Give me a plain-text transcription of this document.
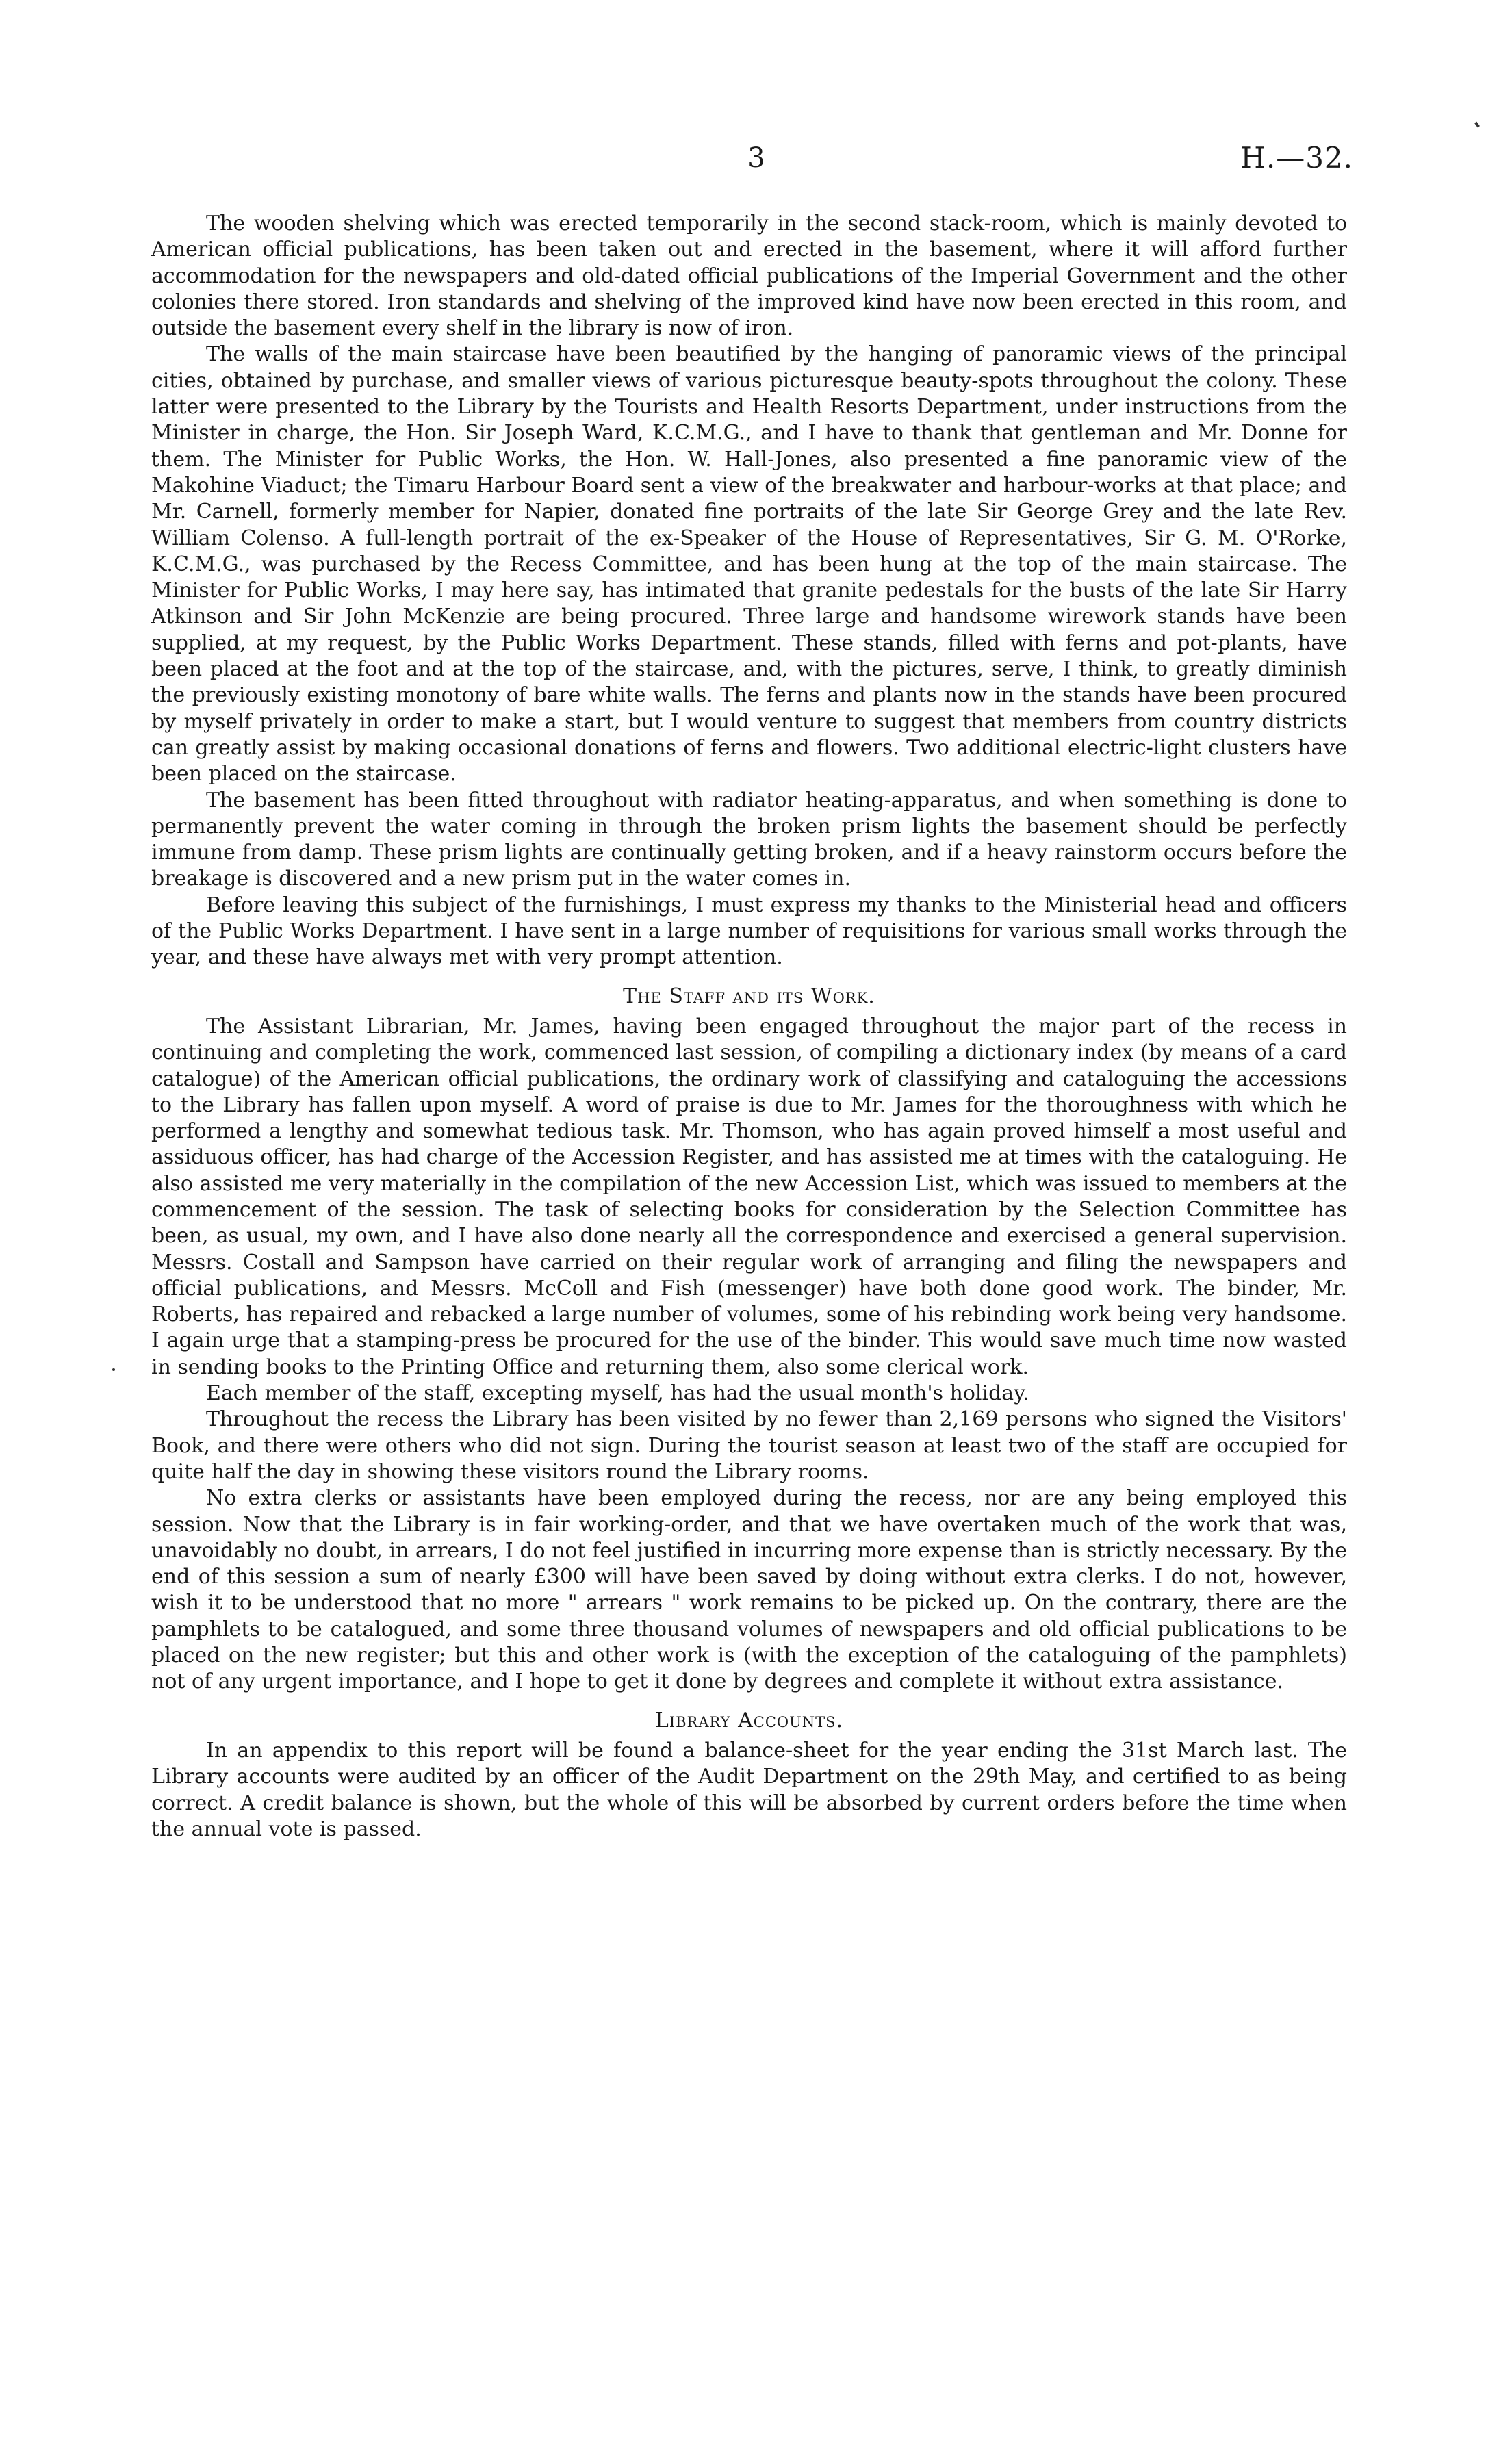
3	H.—32.

The wooden shelving which was erected temporarily in the second stack-room, which is mainly devoted to American official publications, has been taken out and erected in the basement, where it will afford further accommodation for the newspapers and old-dated official publications of the Imperial Government and the other colonies there stored. Iron standards and shelving of the improved kind have now been erected in this room, and outside the basement every shelf in the library is now of iron.

The walls of the main staircase have been beautified by the hanging of panoramic views of the principal cities, obtained by purchase, and smaller views of various picturesque beauty-spots throughout the colony. These latter were presented to the Library by the Tourists and Health Resorts Department, under instructions from the Minister in charge, the Hon. Sir Joseph Ward, K.C.M.G., and I have to thank that gentleman and Mr. Donne for them. The Minister for Public Works, the Hon. W. Hall-Jones, also presented a fine panoramic view of the Makohine Viaduct; the Timaru Harbour Board sent a view of the breakwater and harbour-works at that place; and Mr. Carnell, formerly member for Napier, donated fine portraits of the late Sir George Grey and the late Rev. William Colenso. A full-length portrait of the ex-Speaker of the House of Representatives, Sir G. M. O'Rorke, K.C.M.G., was purchased by the Recess Committee, and has been hung at the top of the main staircase. The Minister for Public Works, I may here say, has intimated that granite pedestals for the busts of the late Sir Harry Atkinson and Sir John McKenzie are being procured. Three large and handsome wirework stands have been supplied, at my request, by the Public Works Department. These stands, filled with ferns and pot-plants, have been placed at the foot and at the top of the staircase, and, with the pictures, serve, I think, to greatly diminish the previously existing monotony of bare white walls. The ferns and plants now in the stands have been procured by myself privately in order to make a start, but I would venture to suggest that members from country districts can greatly assist by making occasional donations of ferns and flowers. Two additional electric-light clusters have been placed on the staircase.

The basement has been fitted throughout with radiator heating-apparatus, and when something is done to permanently prevent the water coming in through the broken prism lights the basement should be perfectly immune from damp. These prism lights are continually getting broken, and if a heavy rainstorm occurs before the breakage is discovered and a new prism put in the water comes in.

Before leaving this subject of the furnishings, I must express my thanks to the Ministerial head and officers of the Public Works Department. I have sent in a large number of requisitions for various small works through the year, and these have always met with very prompt attention.

The Staff and its Work.

The Assistant Librarian, Mr. James, having been engaged throughout the major part of the recess in continuing and completing the work, commenced last session, of compiling a dictionary index (by means of a card catalogue) of the American official publications, the ordinary work of classifying and cataloguing the accessions to the Library has fallen upon myself. A word of praise is due to Mr. James for the thoroughness with which he performed a lengthy and somewhat tedious task. Mr. Thomson, who has again proved himself a most useful and assiduous officer, has had charge of the Accession Register, and has assisted me at times with the cataloguing. He also assisted me very materially in the compilation of the new Accession List, which was issued to members at the commencement of the session. The task of selecting books for consideration by the Selection Committee has been, as usual, my own, and I have also done nearly all the correspondence and exercised a general supervision. Messrs. Costall and Sampson have carried on their regular work of arranging and filing the newspapers and official publications, and Messrs. McColl and Fish (messenger) have both done good work. The binder, Mr. Roberts, has repaired and rebacked a large number of volumes, some of his rebinding work being very handsome. I again urge that a stamping-press be procured for the use of the binder. This would save much time now wasted in sending books to the Printing Office and returning them, also some clerical work.

Each member of the staff, excepting myself, has had the usual month's holiday.

Throughout the recess the Library has been visited by no fewer than 2,169 persons who signed the Visitors' Book, and there were others who did not sign. During the tourist season at least two of the staff are occupied for quite half the day in showing these visitors round the Library rooms.

No extra clerks or assistants have been employed during the recess, nor are any being employed this session. Now that the Library is in fair working-order, and that we have overtaken much of the work that was, unavoidably no doubt, in arrears, I do not feel justified in incurring more expense than is strictly necessary. By the end of this session a sum of nearly £300 will have been saved by doing without extra clerks. I do not, however, wish it to be understood that no more " arrears " work remains to be picked up. On the contrary, there are the pamphlets to be catalogued, and some three thousand volumes of newspapers and old official publications to be placed on the new register; but this and other work is (with the exception of the cataloguing of the pamphlets) not of any urgent importance, and I hope to get it done by degrees and complete it without extra assistance.

Library Accounts.

In an appendix to this report will be found a balance-sheet for the year ending the 31st March last. The Library accounts were audited by an officer of the Audit Department on the 29th May, and certified to as being correct. A credit balance is shown, but the whole of this will be absorbed by current orders before the time when the annual vote is passed.
